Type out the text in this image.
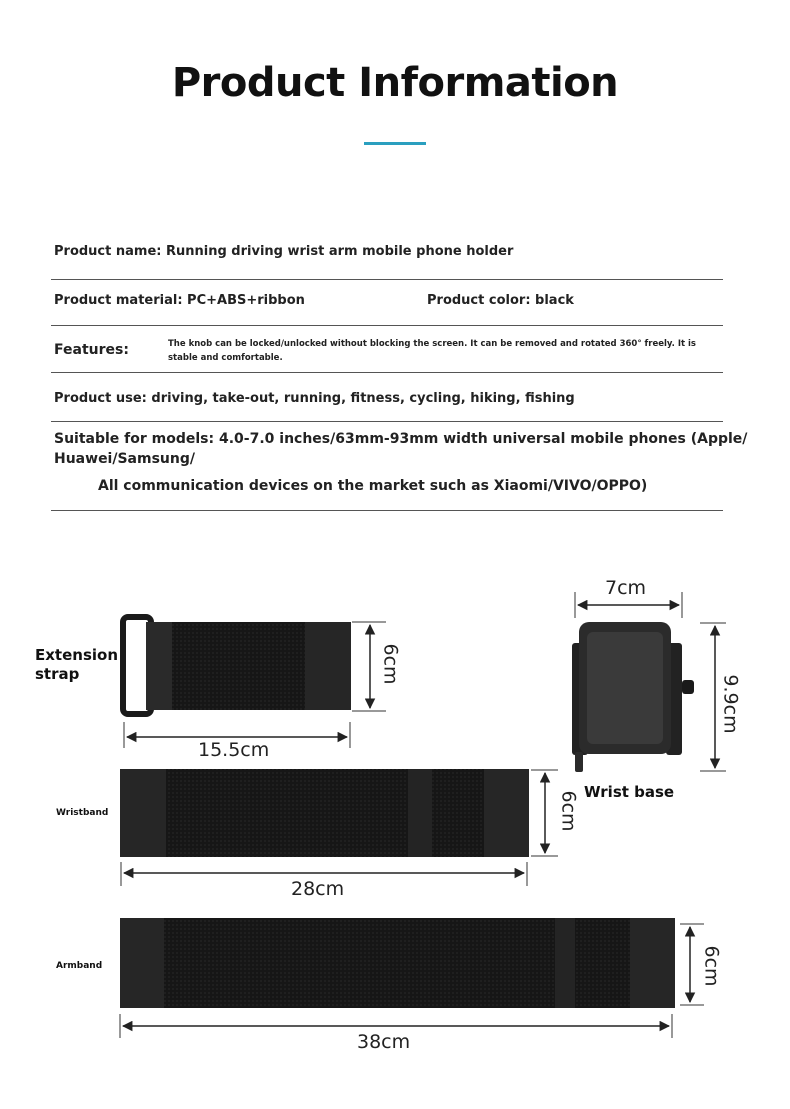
Product Information
Product name: Running driving wrist arm mobile phone holder
Product material: PC+ABS+ribbon	Product color: black
Features:	The knob can be locked/unlocked without blocking the screen. It can be removed and rotated 360° freely. It is stable and comfortable.
Product use: driving, take-out, running, fitness, cycling, hiking, fishing
Suitable for models: 4.0-7.0 inches/63mm-93mm width universal mobile phones (Apple/
Huawei/Samsung/
All communication devices on the market such as Xiaomi/VIVO/OPPO)
Extension strap
Wrist base
Wristband
Armband
15.5cm
6cm
7cm
9.9cm
6cm
28cm
6cm
38cm
